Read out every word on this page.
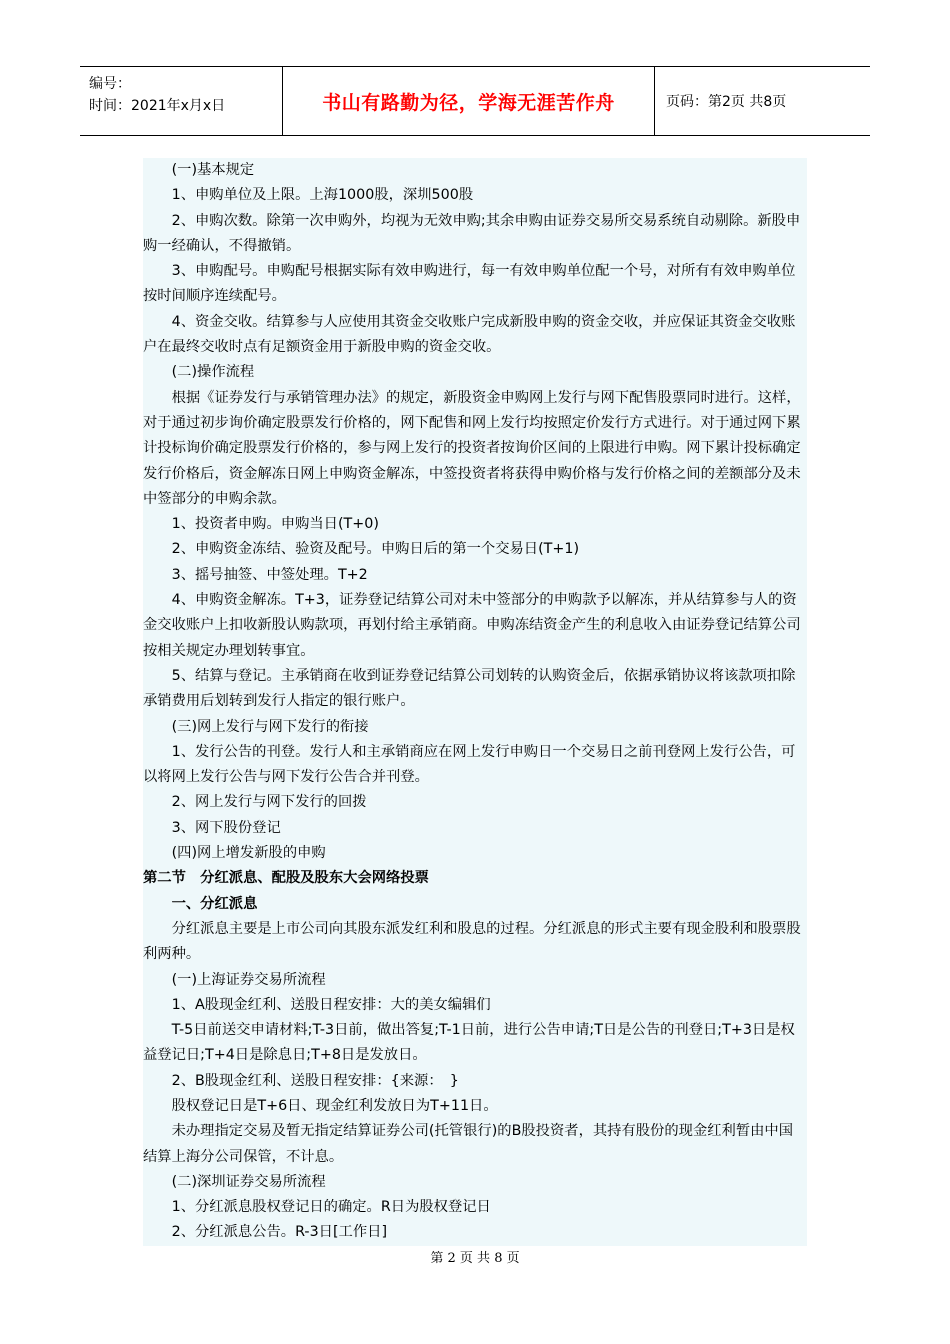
编号：
时间：2021年x月x日	书山有路勤为径，学海无涯苦作舟	页码：第2页 共8页

(一)基本规定

1、申购单位及上限。上海1000股，深圳500股

2、申购次数。除第一次申购外，均视为无效申购;其余申购由证券交易所交易系统自动剔除。新股申购一经确认，不得撤销。

3、申购配号。申购配号根据实际有效申购进行，每一有效申购单位配一个号，对所有有效申购单位按时间顺序连续配号。

4、资金交收。结算参与人应使用其资金交收账户完成新股申购的资金交收，并应保证其资金交收账户在最终交收时点有足额资金用于新股申购的资金交收。

(二)操作流程

根据《证券发行与承销管理办法》的规定，新股资金申购网上发行与网下配售股票同时进行。这样，对于通过初步询价确定股票发行价格的，网下配售和网上发行均按照定价发行方式进行。对于通过网下累计投标询价确定股票发行价格的，参与网上发行的投资者按询价区间的上限进行申购。网下累计投标确定发行价格后，资金解冻日网上申购资金解冻，中签投资者将获得申购价格与发行价格之间的差额部分及未中签部分的申购余款。

1、投资者申购。申购当日(T+0)

2、申购资金冻结、验资及配号。申购日后的第一个交易日(T+1)

3、摇号抽签、中签处理。T+2

4、申购资金解冻。T+3，证券登记结算公司对未中签部分的申购款予以解冻，并从结算参与人的资金交收账户上扣收新股认购款项，再划付给主承销商。申购冻结资金产生的利息收入由证券登记结算公司按相关规定办理划转事宜。

5、结算与登记。主承销商在收到证券登记结算公司划转的认购资金后，依据承销协议将该款项扣除承销费用后划转到发行人指定的银行账户。

(三)网上发行与网下发行的衔接

1、发行公告的刊登。发行人和主承销商应在网上发行申购日一个交易日之前刊登网上发行公告，可以将网上发行公告与网下发行公告合并刊登。

2、网上发行与网下发行的回拨

3、网下股份登记

(四)网上增发新股的申购

第二节　分红派息、配股及股东大会网络投票

一、分红派息

分红派息主要是上市公司向其股东派发红利和股息的过程。分红派息的形式主要有现金股利和股票股利两种。

(一)上海证券交易所流程

1、A股现金红利、送股日程安排：大的美女编辑们

T-5日前送交申请材料;T-3日前，做出答复;T-1日前，进行公告申请;T日是公告的刊登日;T+3日是权益登记日;T+4日是除息日;T+8日是发放日。

2、B股现金红利、送股日程安排：{来源：　}

股权登记日是T+6日、现金红利发放日为T+11日。

未办理指定交易及暂无指定结算证券公司(托管银行)的B股投资者，其持有股份的现金红利暂由中国结算上海分公司保管，不计息。

(二)深圳证券交易所流程

1、分红派息股权登记日的确定。R日为股权登记日

2、分红派息公告。R-3日[工作日]

第 2 页 共 8 页
